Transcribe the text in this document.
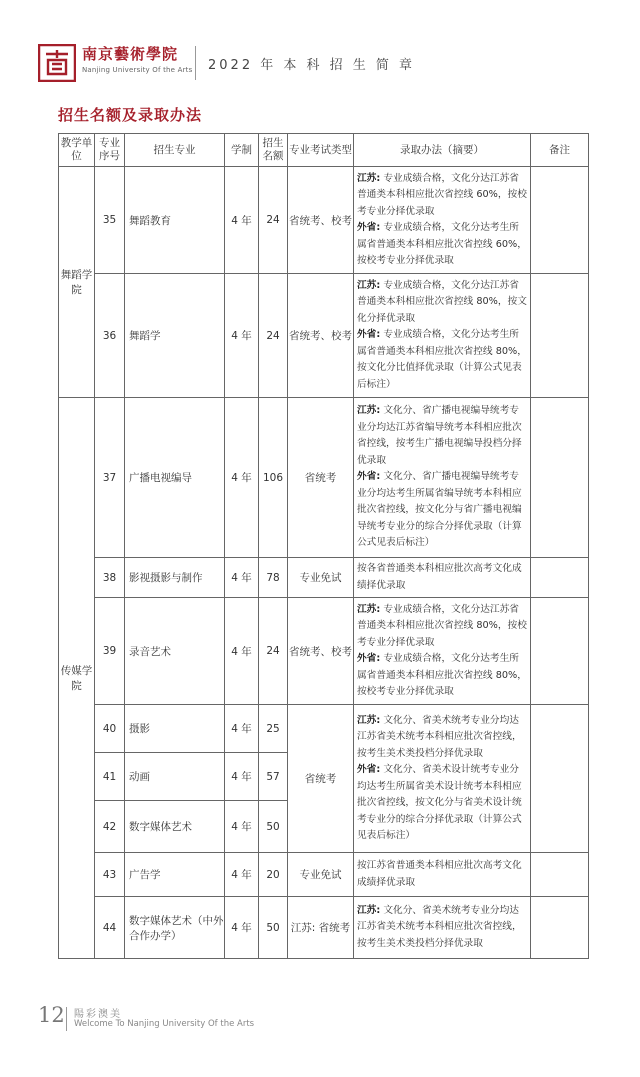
南京藝術學院
Nanjing University Of the Arts 2022 年 本 科 招 生 简 章
招生名额及录取办法
教学单位	专业序号	招生专业	学制	招生名额	专业考试类型	录取办法（摘要）	备注
舞蹈学院	35	舞蹈教育	4 年	24	省统考、校考	江苏: 专业成绩合格，文化分达江苏省普通类本科相应批次省控线 60%，按校考专业分择优录取
外省: 专业成绩合格，文化分达考生所属省普通类本科相应批次省控线 60%，按校考专业分择优录取	
	36	舞蹈学	4 年	24	省统考、校考	江苏: 专业成绩合格，文化分达江苏省普通类本科相应批次省控线 80%，按文化分择优录取
外省: 专业成绩合格，文化分达考生所属省普通类本科相应批次省控线 80%，按文化分比值择优录取（计算公式见表后标注）	
传媒学院	37	广播电视编导	4 年	106	省统考	江苏: 文化分、省广播电视编导统考专业分均达江苏省编导统考本科相应批次省控线，按考生广播电视编导投档分择优录取
外省: 文化分、省广播电视编导统考专业分均达考生所属省编导统考本科相应批次省控线，按文化分与省广播电视编导统考专业分的综合分择优录取（计算公式见表后标注）	
	38	影视摄影与制作	4 年	78	专业免试	按各省普通类本科相应批次高考文化成绩择优录取	
	39	录音艺术	4 年	24	省统考、校考	江苏: 专业成绩合格，文化分达江苏省普通类本科相应批次省控线 80%，按校考专业分择优录取
外省: 专业成绩合格，文化分达考生所属省普通类本科相应批次省控线 80%，按校考专业分择优录取	
	40	摄影	4 年	25	省统考	江苏: 文化分、省美术统考专业分均达江苏省美术统考本科相应批次省控线，按考生美术类投档分择优录取
外省: 文化分、省美术设计统考专业分均达考生所属省美术设计统考本科相应批次省控线，按文化分与省美术设计统考专业分的综合分择优录取（计算公式见表后标注）	
	41	动画	4 年	57			
	42	数字媒体艺术	4 年	50			
	43	广告学	4 年	20	专业免试	按江苏省普通类本科相应批次高考文化成绩择优录取	
	44	数字媒体艺术（中外合作办学）	4 年	50	江苏: 省统考	江苏: 文化分、省美术统考专业分均达江苏省美术统考本科相应批次省控线，按考生美术类投档分择优录取	
12 陽彩澳美
Welcome To Nanjing University Of the Arts
